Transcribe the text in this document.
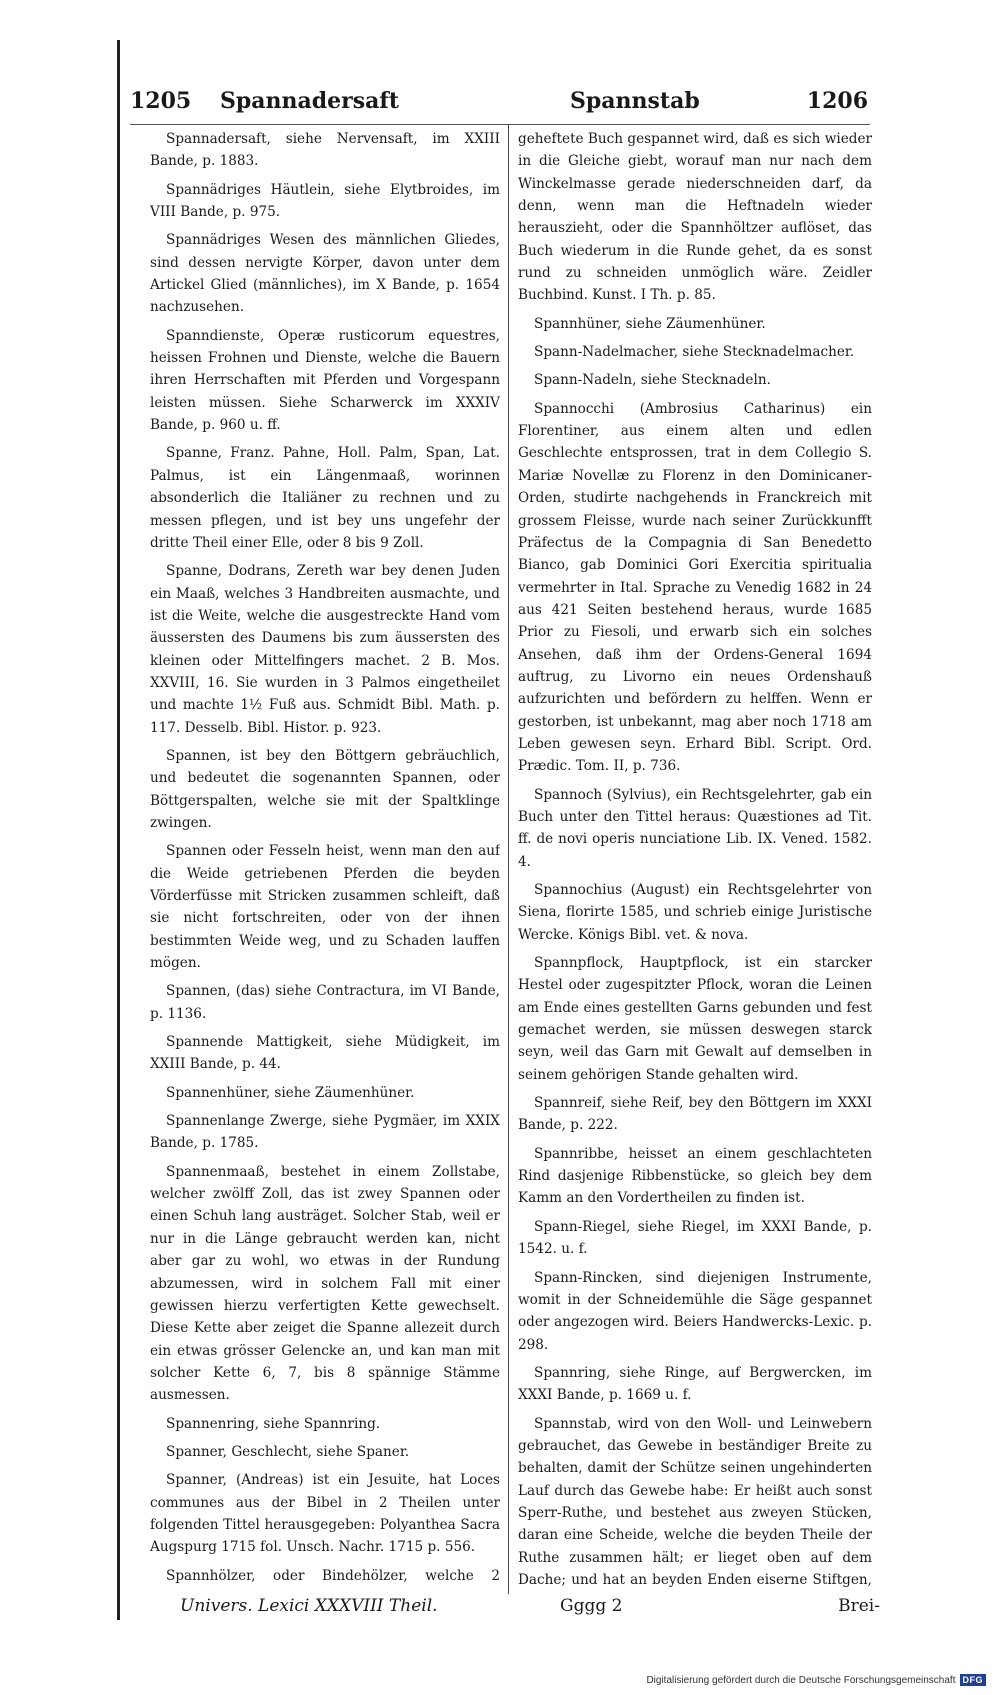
1205 Spannadersaft	Spannstab	1206

Spannadersaft, siehe Nervensaft, im XXIII Bande, p. 1883.

Spannädriges Häutlein, siehe Elytbroides, im VIII Bande, p. 975.

Spannädriges Wesen des männlichen Gliedes, sind dessen nervigte Körper, davon unter dem Artickel Glied (männliches), im X Bande, p. 1654 nachzusehen.

Spanndienste, Operæ rusticorum equestres, heissen Frohnen und Dienste, welche die Bauern ihren Herrschaften mit Pferden und Vorgespann leisten müssen. Siehe Scharwerck im XXXIV Bande, p. 960 u. ff.

Spanne, Franz. Pahne, Holl. Palm, Span, Lat. Palmus, ist ein Längenmaaß, worinnen absonderlich die Italiäner zu rechnen und zu messen pflegen, und ist bey uns ungefehr der dritte Theil einer Elle, oder 8 bis 9 Zoll.

Spanne, Dodrans, Zereth war bey denen Juden ein Maaß, welches 3 Handbreiten ausmachte, und ist die Weite, welche die ausgestreckte Hand vom äussersten des Daumens bis zum äussersten des kleinen oder Mittelfingers machet. 2 B. Mos. XXVIII, 16. Sie wurden in 3 Palmos eingetheilet und machte 1½ Fuß aus. Schmidt Bibl. Math. p. 117. Desselb. Bibl. Histor. p. 923.

Spannen, ist bey den Böttgern gebräuchlich, und bedeutet die sogenannten Spannen, oder Böttgerspalten, welche sie mit der Spaltklinge zwingen.

Spannen oder Fesseln heist, wenn man den auf die Weide getriebenen Pferden die beyden Vörderfüsse mit Stricken zusammen schleift, daß sie nicht fortschreiten, oder von der ihnen bestimmten Weide weg, und zu Schaden lauffen mögen.

Spannen, (das) siehe Contractura, im VI Bande, p. 1136.

Spannende Mattigkeit, siehe Müdigkeit, im XXIII Bande, p. 44.

Spannenhüner, siehe Zäumenhüner.

Spannenlange Zwerge, siehe Pygmäer, im XXIX Bande, p. 1785.

Spannenmaaß, bestehet in einem Zollstabe, welcher zwölff Zoll, das ist zwey Spannen oder einen Schuh lang austräget. Solcher Stab, weil er nur in die Länge gebraucht werden kan, nicht aber gar zu wohl, wo etwas in der Rundung abzumessen, wird in solchem Fall mit einer gewissen hierzu verfertigten Kette gewechselt. Diese Kette aber zeiget die Spanne allezeit durch ein etwas grösser Gelencke an, und kan man mit solcher Kette 6, 7, bis 8 spännige Stämme ausmessen.

Spannenring, siehe Spannring.

Spanner, Geschlecht, siehe Spaner.

Spanner, (Andreas) ist ein Jesuite, hat Loces communes aus der Bibel in 2 Theilen unter folgenden Tittel herausgegeben: Polyanthea Sacra Augspurg 1715 fol. Unsch. Nachr. 1715 p. 556.

Spannhölzer, oder Bindehölzer, welche 2

geheftete Buch gespannet wird, daß es sich wieder in die Gleiche giebt, worauf man nur nach dem Winckelmasse gerade niederschneiden darf, da denn, wenn man die Heftnadeln wieder herauszieht, oder die Spannhöltzer auflöset, das Buch wiederum in die Runde gehet, da es sonst rund zu schneiden unmöglich wäre. Zeidler Buchbind. Kunst. I Th. p. 85.

Spannhüner, siehe Zäumenhüner.

Spann-Nadelmacher, siehe Stecknadelmacher.

Spann-Nadeln, siehe Stecknadeln.

Spannocchi (Ambrosius Catharinus) ein Florentiner, aus einem alten und edlen Geschlechte entsprossen, trat in dem Collegio S. Mariæ Novellæ zu Florenz in den Dominicaner-Orden, studirte nachgehends in Franckreich mit grossem Fleisse, wurde nach seiner Zurückkunfft Präfectus de la Compagnia di San Benedetto Bianco, gab Dominici Gori Exercitia spiritualia vermehrter in Ital. Sprache zu Venedig 1682 in 24 aus 421 Seiten bestehend heraus, wurde 1685 Prior zu Fiesoli, und erwarb sich ein solches Ansehen, daß ihm der Ordens-General 1694 auftrug, zu Livorno ein neues Ordenshauß aufzurichten und befördern zu helffen. Wenn er gestorben, ist unbekannt, mag aber noch 1718 am Leben gewesen seyn. Erhard Bibl. Script. Ord. Prædic. Tom. II, p. 736.

Spannoch (Sylvius), ein Rechtsgelehrter, gab ein Buch unter den Tittel heraus: Quæstiones ad Tit. ff. de novi operis nunciatione Lib. IX. Vened. 1582. 4.

Spannochius (August) ein Rechtsgelehrter von Siena, florirte 1585, und schrieb einige Juristische Wercke. Königs Bibl. vet. & nova.

Spannpflock, Hauptpflock, ist ein starcker Hestel oder zugespitzter Pflock, woran die Leinen am Ende eines gestellten Garns gebunden und fest gemachet werden, sie müssen deswegen starck seyn, weil das Garn mit Gewalt auf demselben in seinem gehörigen Stande gehalten wird.

Spannreif, siehe Reif, bey den Böttgern im XXXI Bande, p. 222.

Spannribbe, heisset an einem geschlachteten Rind dasjenige Ribbenstücke, so gleich bey dem Kamm an den Vordertheilen zu finden ist.

Spann-Riegel, siehe Riegel, im XXXI Bande, p. 1542. u. f.

Spann-Rincken, sind diejenigen Instrumente, womit in der Schneidemühle die Säge gespannet oder angezogen wird. Beiers Handwercks-Lexic. p. 298.

Spannring, siehe Ringe, auf Bergwercken, im XXXI Bande, p. 1669 u. f.

Spannstab, wird von den Woll- und Leinwebern gebrauchet, das Gewebe in beständiger Breite zu behalten, damit der Schütze seinen ungehinderten Lauf durch das Gewebe habe: Er heißt auch sonst Sperr-Ruthe, und bestehet aus zweyen Stücken, daran eine Scheide, welche die beyden Theile der Ruthe zusammen hält; er lieget oben auf dem Dache; und hat an beyden Enden eiserne Stiftgen,

Univers. Lexici XXXVIII Theil.	Gggg 2	Brei-
Digitalisierung gefördert durch die Deutsche Forschungsgemeinschaft DFG
